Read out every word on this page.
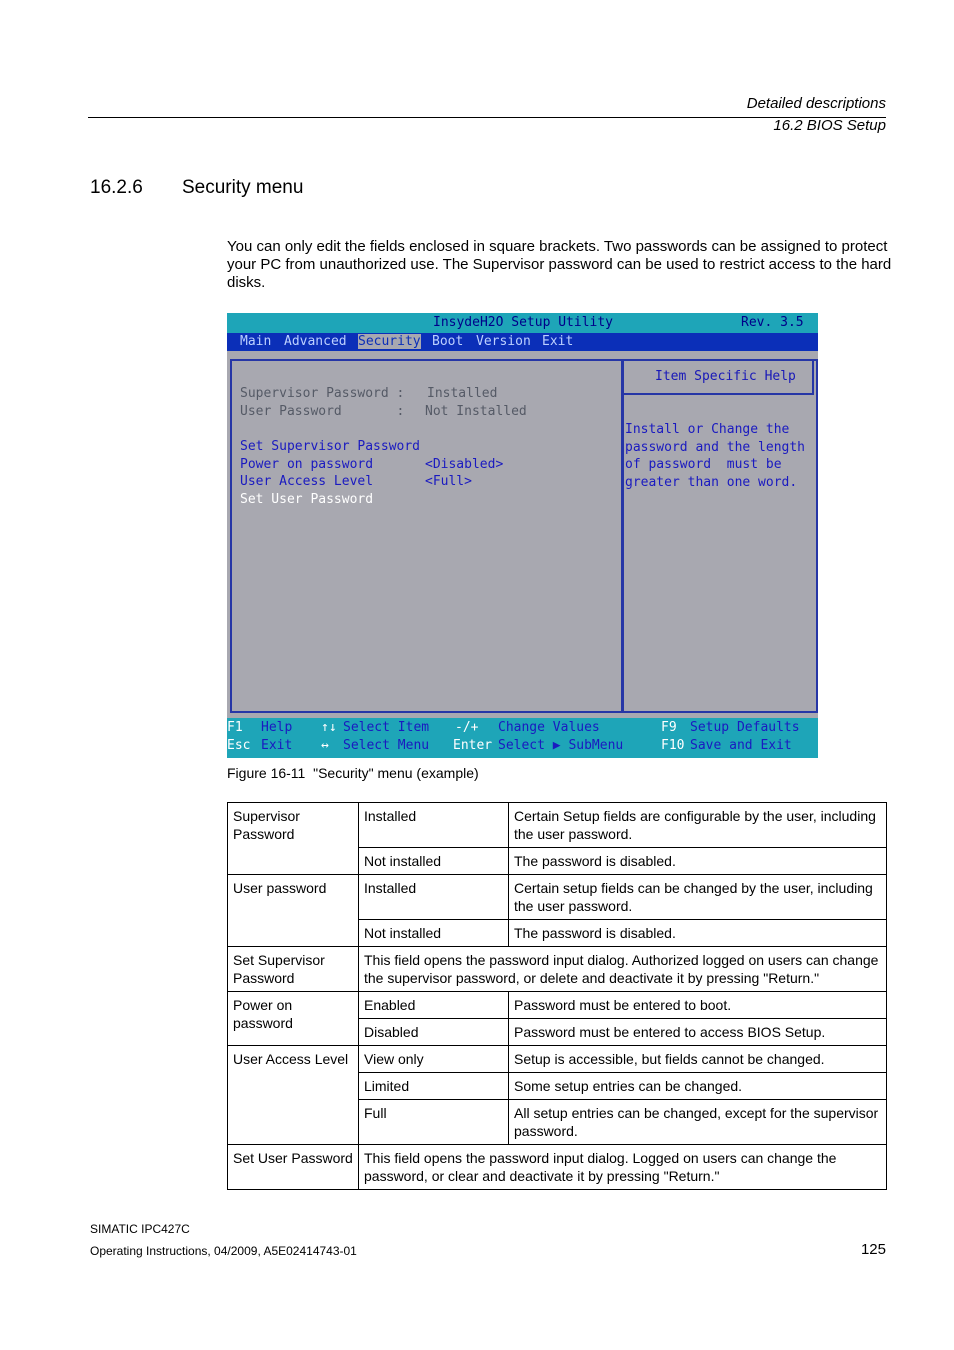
Detailed descriptions
16.2 BIOS Setup
16.2.6 Security menu
You can only edit the fields enclosed in square brackets. Two passwords can be assigned to protect your PC from unauthorized use. The Supervisor password can be used to restrict access to the hard disks.
InsydeH2O Setup Utility	Rev. 3.5
Main Advanced Security Boot Version Exit
Supervisor Password : Installed
User Password       : Not Installed
Set Supervisor Password
Power on password	<Disabled>
User Access Level	<Full>
Set User Password
Item Specific Help
Install or Change the
password and the length
of password  must be
greater than one word.
F1 Help ↑↓ Select Item -/+ Change Values	F9 Setup Defaults
Esc Exit ↔ Select Menu Enter Select ▶ SubMenu	F10 Save and Exit
Figure 16-11  "Security" menu (example)
Supervisor Password	Installed	Certain Setup fields are configurable by the user, including the user password.
	Not installed	The password is disabled.
User password	Installed	Certain setup fields can be changed by the user, including the user password.
	Not installed	The password is disabled.
Set Supervisor Password	This field opens the password input dialog. Authorized logged on users can change the supervisor password, or delete and deactivate it by pressing "Return."	
Power on password	Enabled	Password must be entered to boot.
	Disabled	Password must be entered to access BIOS Setup.
User Access Level	View only	Setup is accessible, but fields cannot be changed.
	Limited	Some setup entries can be changed.
	Full	All setup entries can be changed, except for the supervisor password.
Set User Password	This field opens the password input dialog. Logged on users can change the password, or clear and deactivate it by pressing "Return."	
SIMATIC IPC427C
Operating Instructions, 04/2009, A5E02414743-01	125
